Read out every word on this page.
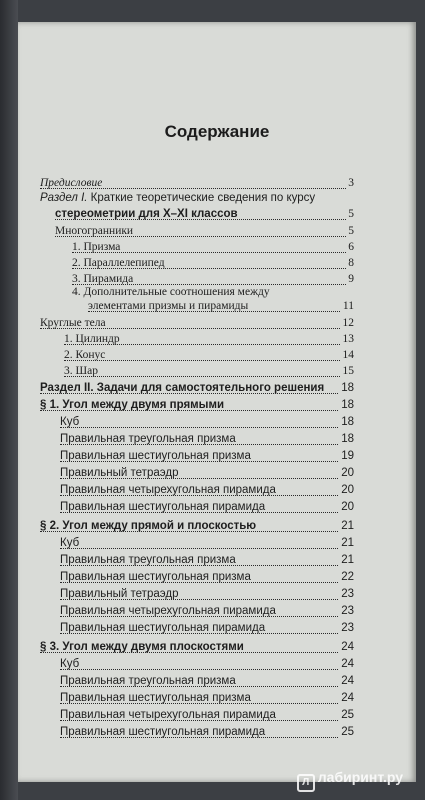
Содержание
Предисловие	3
Раздел I. Краткие теоретические сведения по курсу
стереометрии для X–XI классов	5
Многогранники	5
1. Призма	6
2. Параллелепипед	8
3. Пирамида	9
4. Дополнительные соотношения между
элементами призмы и пирамиды	11
Круглые тела	12
1. Цилиндр	13
2. Конус	14
3. Шар	15
Раздел II. Задачи для самостоятельного решения 18
§ 1. Угол между двумя прямыми	18
Куб	18
Правильная треугольная призма	18
Правильная шестиугольная призма	19
Правильный тетраэдр	20
Правильная четырехугольная пирамида	20
Правильная шестиугольная пирамида	20
§ 2. Угол между прямой и плоскостью	21
Куб	21
Правильная треугольная призма	21
Правильная шестиугольная призма	22
Правильный тетраэдр	23
Правильная четырехугольная пирамида	23
Правильная шестиугольная пирамида	23
§ 3. Угол между двумя плоскостями	24
Куб	24
Правильная треугольная призма	24
Правильная шестиугольная призма	24
Правильная четырехугольная пирамида	25
Правильная шестиугольная пирамида	25
Л лабиринт.ру
